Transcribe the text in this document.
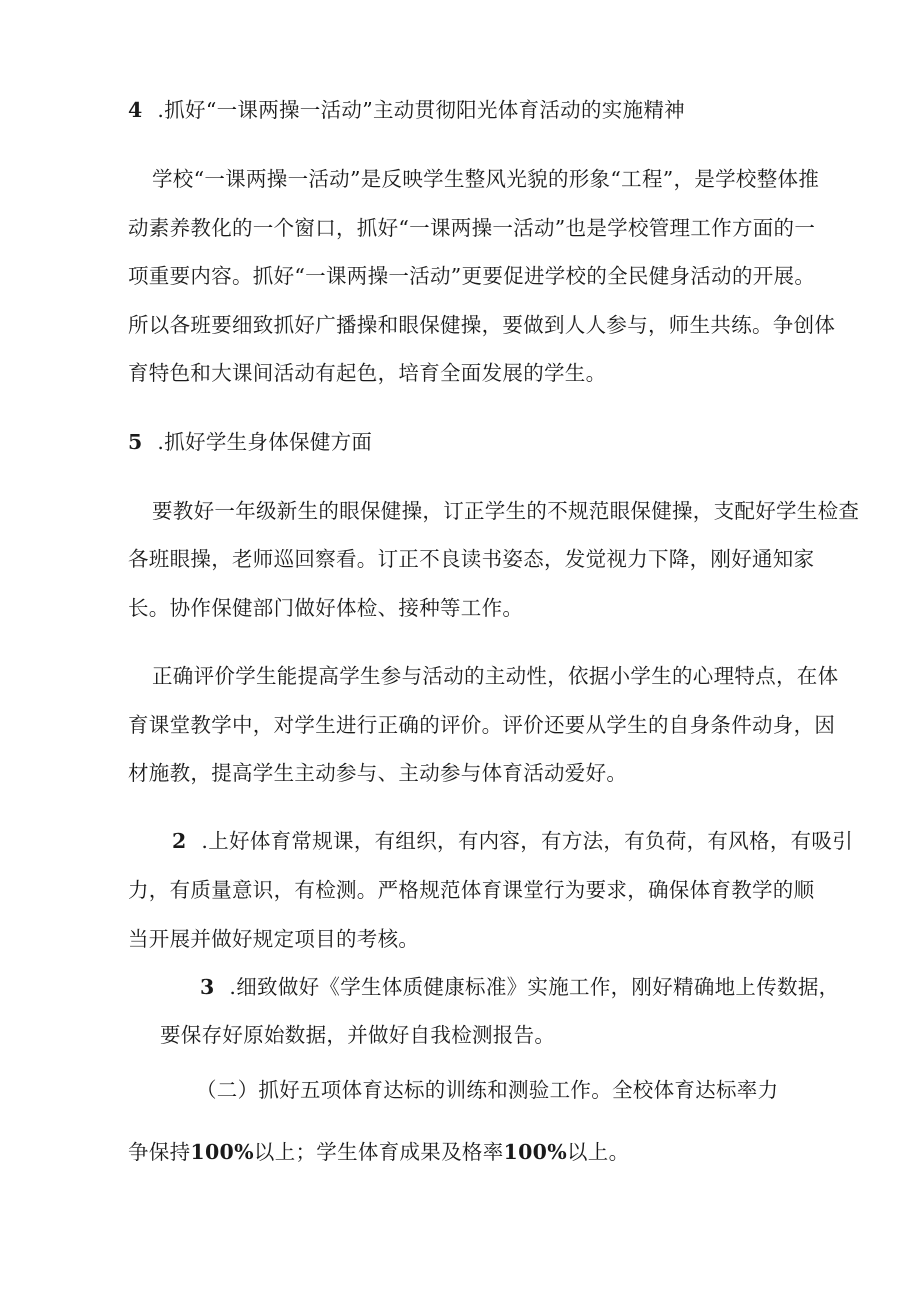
4 .抓好“一课两操一活动”主动贯彻阳光体育活动的实施精神
学校“一课两操一活动”是反映学生整风光貌的形象“工程”，是学校整体推
动素养教化的一个窗口，抓好“一课两操一活动”也是学校管理工作方面的一
项重要内容。抓好“一课两操一活动”更要促进学校的全民健身活动的开展。
所以各班要细致抓好广播操和眼保健操，要做到人人参与，师生共练。争创体
育特色和大课间活动有起色，培育全面发展的学生。
5 .抓好学生身体保健方面
要教好一年级新生的眼保健操，订正学生的不规范眼保健操，支配好学生检查
各班眼操，老师巡回察看。订正不良读书姿态，发觉视力下降，刚好通知家
长。协作保健部门做好体检、接种等工作。
正确评价学生能提高学生参与活动的主动性，依据小学生的心理特点，在体
育课堂教学中，对学生进行正确的评价。评价还要从学生的自身条件动身，因
材施教，提高学生主动参与、主动参与体育活动爱好。
2 .上好体育常规课，有组织，有内容，有方法，有负荷，有风格，有吸引
力，有质量意识，有检测。严格规范体育课堂行为要求，确保体育教学的顺
当开展并做好规定项目的考核。
3 .细致做好《学生体质健康标准》实施工作，刚好精确地上传数据，
要保存好原始数据，并做好自我检测报告。
（二）抓好五项体育达标的训练和测验工作。全校体育达标率力
争保持100%以上；学生体育成果及格率100%以上。
